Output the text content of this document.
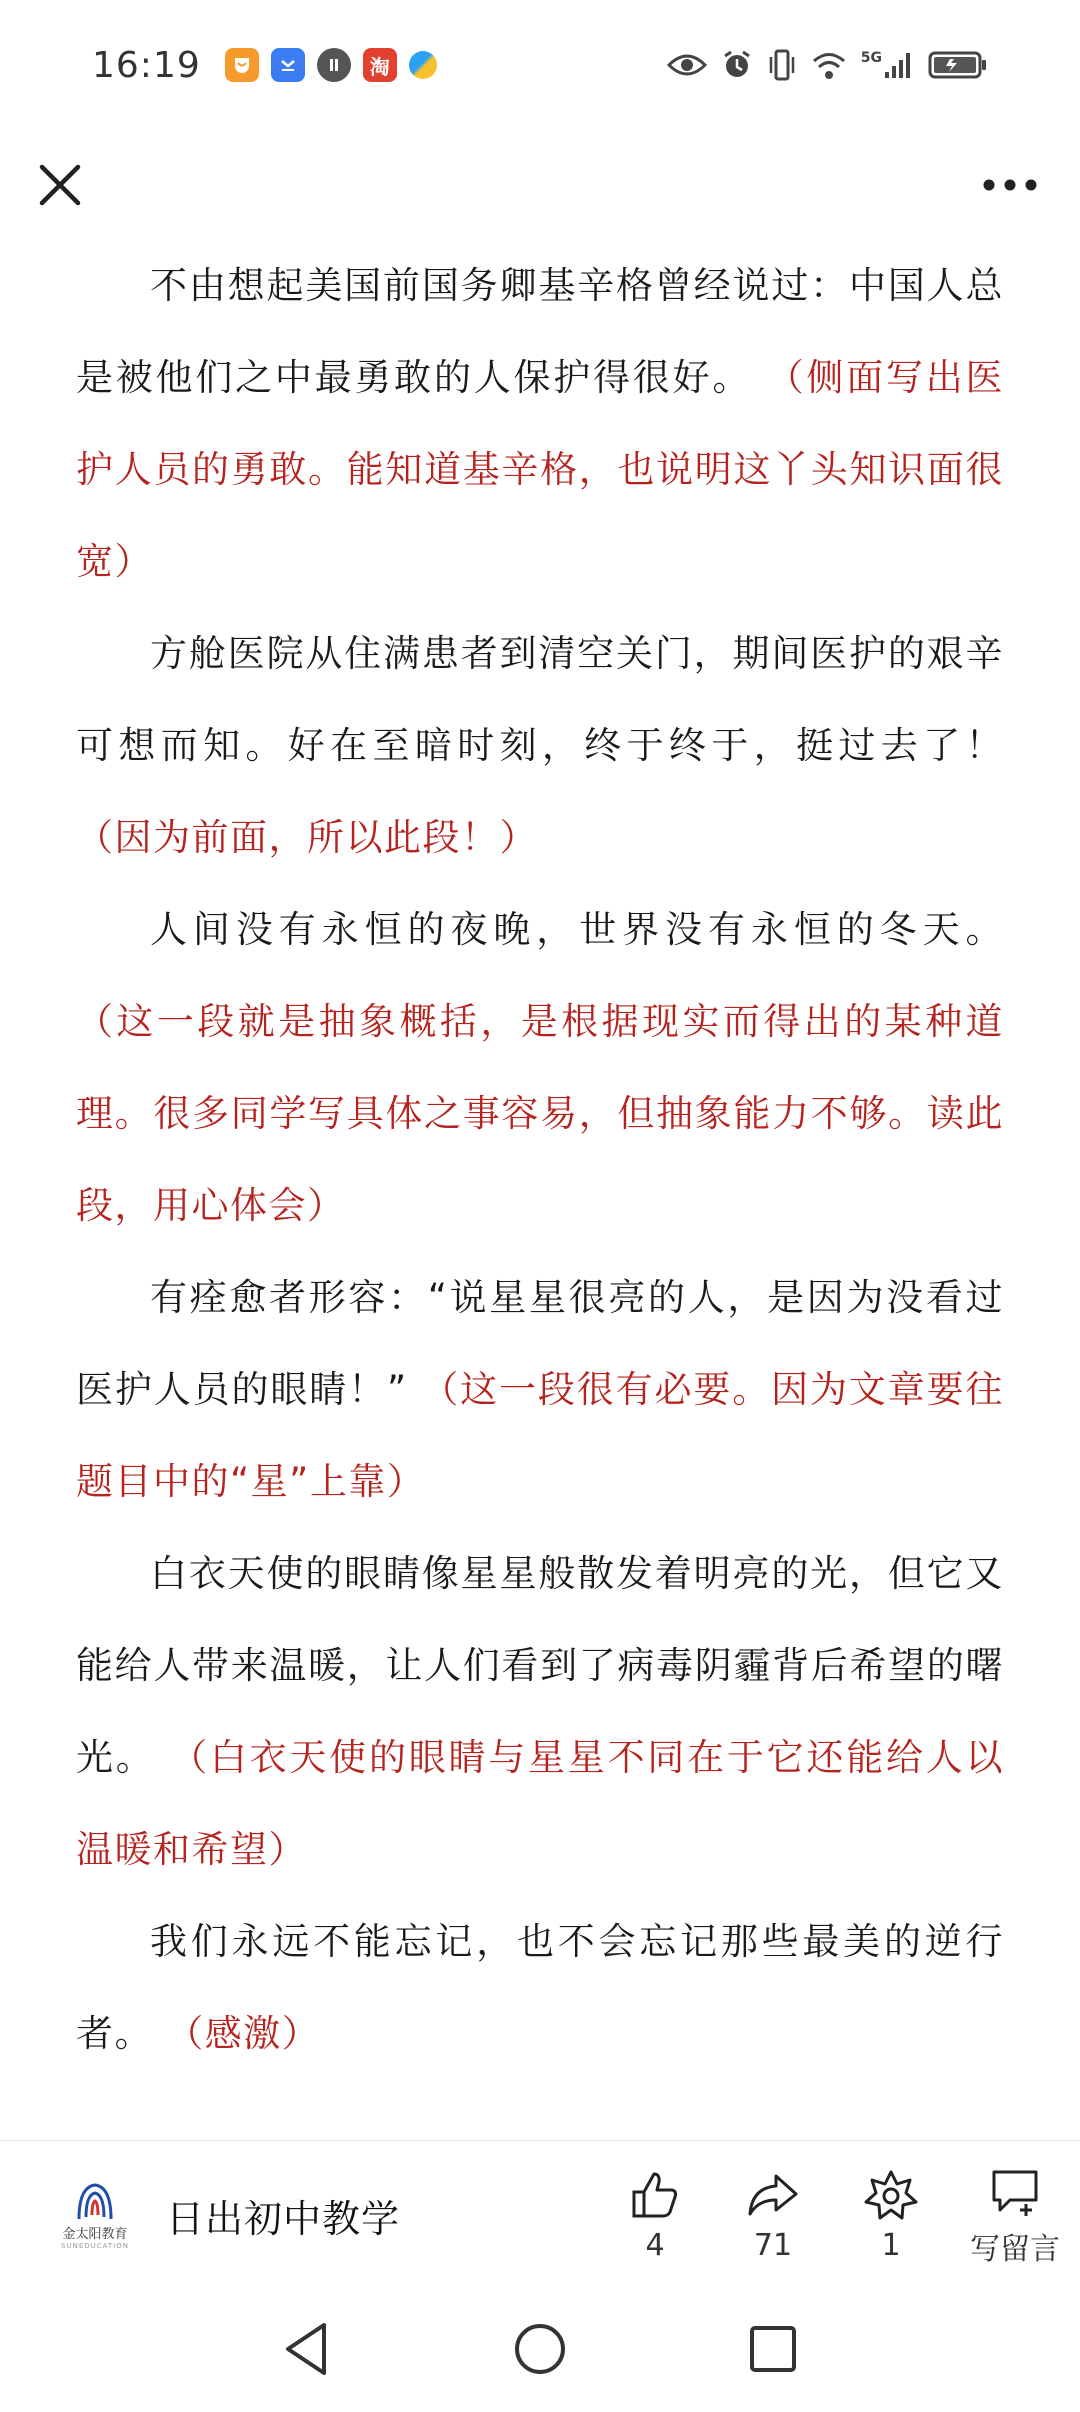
16:19	淘	5G

不由想起美国前国务卿基辛格曾经说过：中国人总是被他们之中最勇敢的人保护得很好。 （侧面写出医护人员的勇敢。能知道基辛格，也说明这丫头知识面很宽）

方舱医院从住满患者到清空关门，期间医护的艰辛可想而知。好在至暗时刻，终于终于，挺过去了！ （因为前面，所以此段！）

人间没有永恒的夜晚，世界没有永恒的冬天。 （这一段就是抽象概括，是根据现实而得出的某种道理。很多同学写具体之事容易，但抽象能力不够。读此段，用心体会）

有痊愈者形容：“说星星很亮的人，是因为没看过医护人员的眼睛！” （这一段很有必要。因为文章要往题目中的“星”上靠）

白衣天使的眼睛像星星般散发着明亮的光，但它又能给人带来温暖，让人们看到了病毒阴霾背后希望的曙光。 （白衣天使的眼睛与星星不同在于它还能给人以温暖和希望）

我们永远不能忘记，也不会忘记那些最美的逆行者。 （感激）

金太阳教育
SUNEDUCATION
日出初中教学
4	71	1 写留言
